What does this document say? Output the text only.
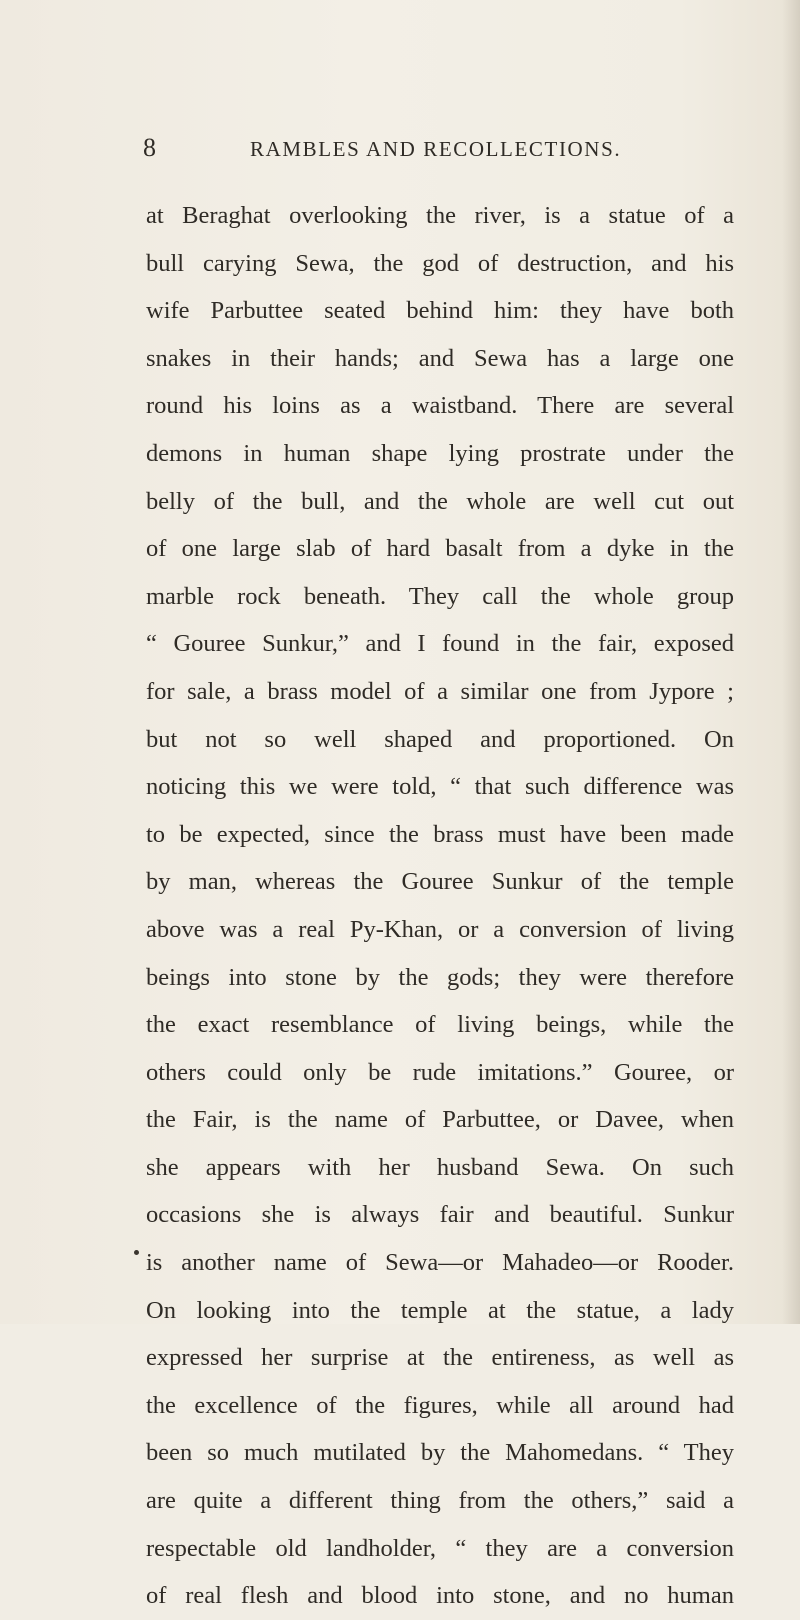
8	RAMBLES AND RECOLLECTIONS.
at Beraghat overlooking the river, is a statue of a
bull carying Sewa, the god of destruction, and his
wife Parbuttee seated behind him: they have both
snakes in their hands; and Sewa has a large one
round his loins as a waistband. There are several
demons in human shape lying prostrate under the
belly of the bull, and the whole are well cut out
of one large slab of hard basalt from a dyke in the
marble rock beneath. They call the whole group
“ Gouree Sunkur,” and I found in the fair, exposed
for sale, a brass model of a similar one from Jypore ;
but not so well shaped and proportioned. On
noticing this we were told, “ that such difference was
to be expected, since the brass must have been made
by man, whereas the Gouree Sunkur of the temple
above was a real Py-Khan, or a conversion of living
beings into stone by the gods; they were therefore
the exact resemblance of living beings, while the
others could only be rude imitations.” Gouree, or
the Fair, is the name of Parbuttee, or Davee, when
she appears with her husband Sewa. On such
occasions she is always fair and beautiful. Sunkur
is another name of Sewa—or Mahadeo—or Rooder.
On looking into the temple at the statue, a lady
expressed her surprise at the entireness, as well as
the excellence of the figures, while all around had
been so much mutilated by the Mahomedans. “ They
are quite a different thing from the others,” said a
respectable old landholder, “ they are a conversion
of real flesh and blood into stone, and no human
